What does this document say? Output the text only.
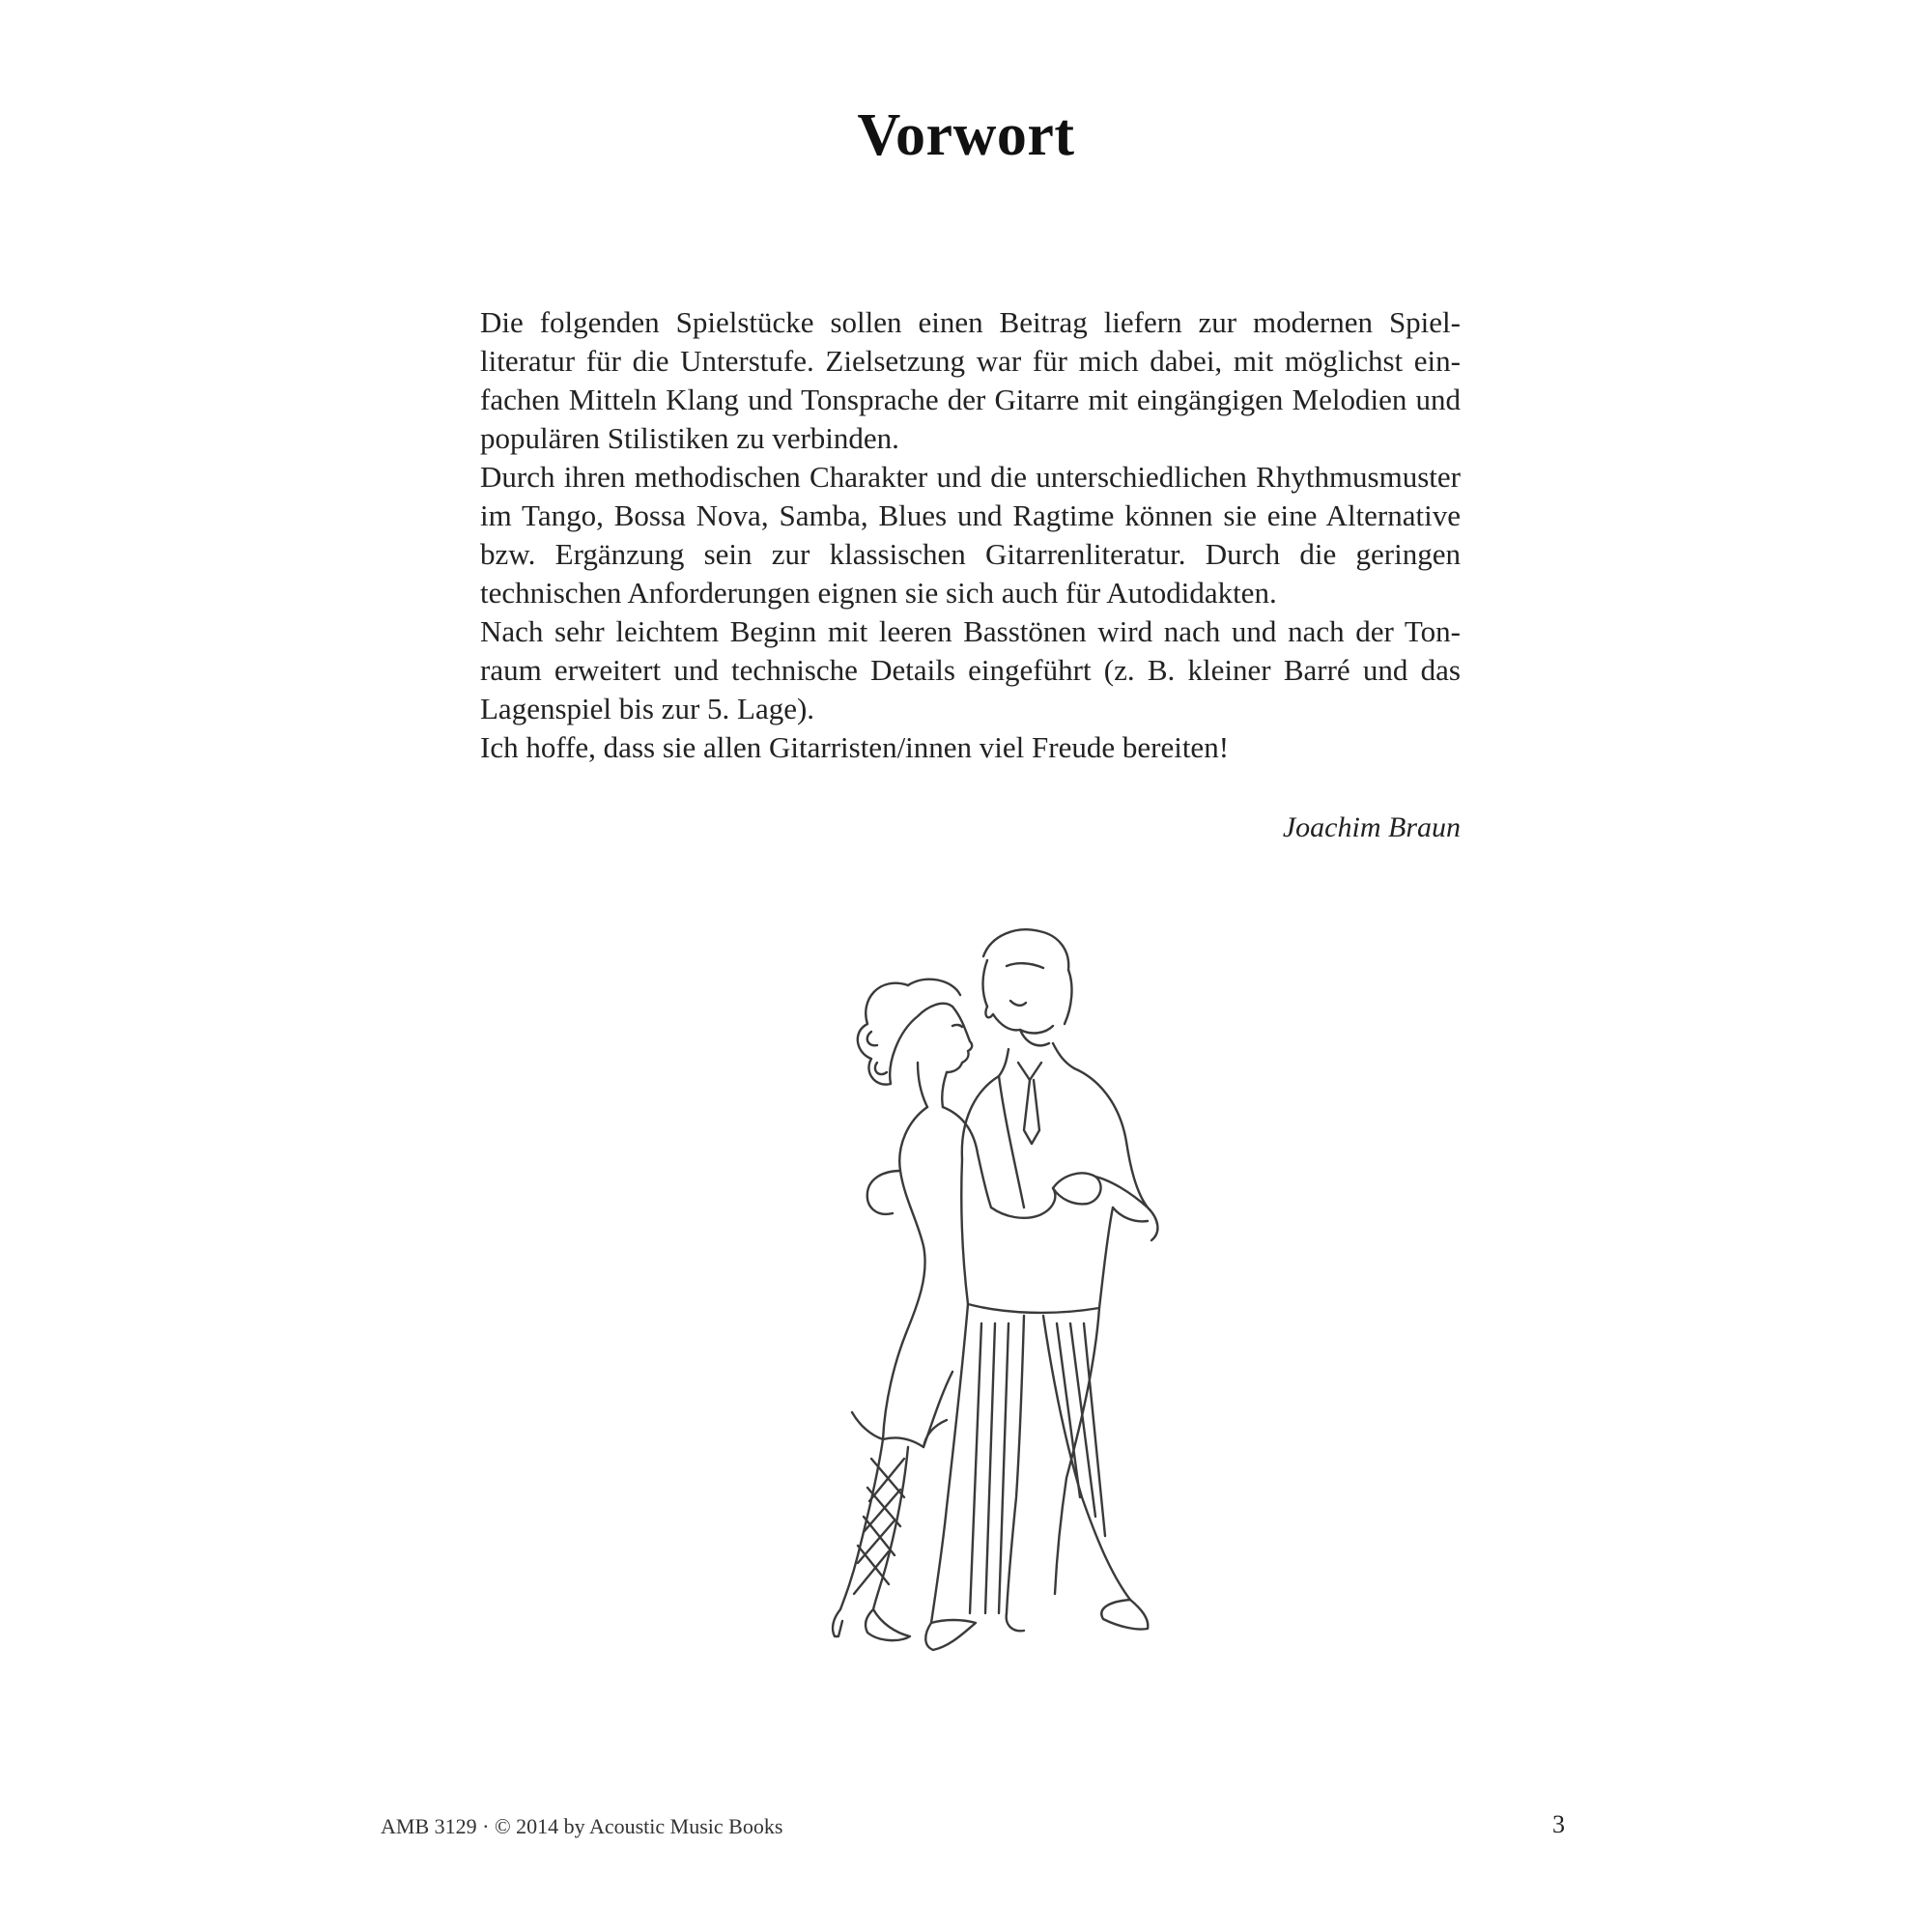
Vorwort

Die folgenden Spielstücke sollen einen Beitrag liefern zur modernen Spielliteratur für die Unterstufe. Zielsetzung war für mich dabei, mit möglichst einfachen Mitteln Klang und Tonsprache der Gitarre mit eingängigen Melodien und populären Stilistiken zu verbinden.

Durch ihren methodischen Charakter und die unterschiedlichen Rhythmusmuster im Tango, Bossa Nova, Samba, Blues und Ragtime können sie eine Alternative bzw. Ergänzung sein zur klassischen Gitarrenliteratur. Durch die geringen technischen Anforderungen eignen sie sich auch für Autodidakten.

Nach sehr leichtem Beginn mit leeren Basstönen wird nach und nach der Tonraum erweitert und technische Details eingeführt (z. B. kleiner Barré und das Lagenspiel bis zur 5. Lage).

Ich hoffe, dass sie allen Gitarristen/innen viel Freude bereiten!

Joachim Braun
AMB 3129 · © 2014 by Acoustic Music Books	3
